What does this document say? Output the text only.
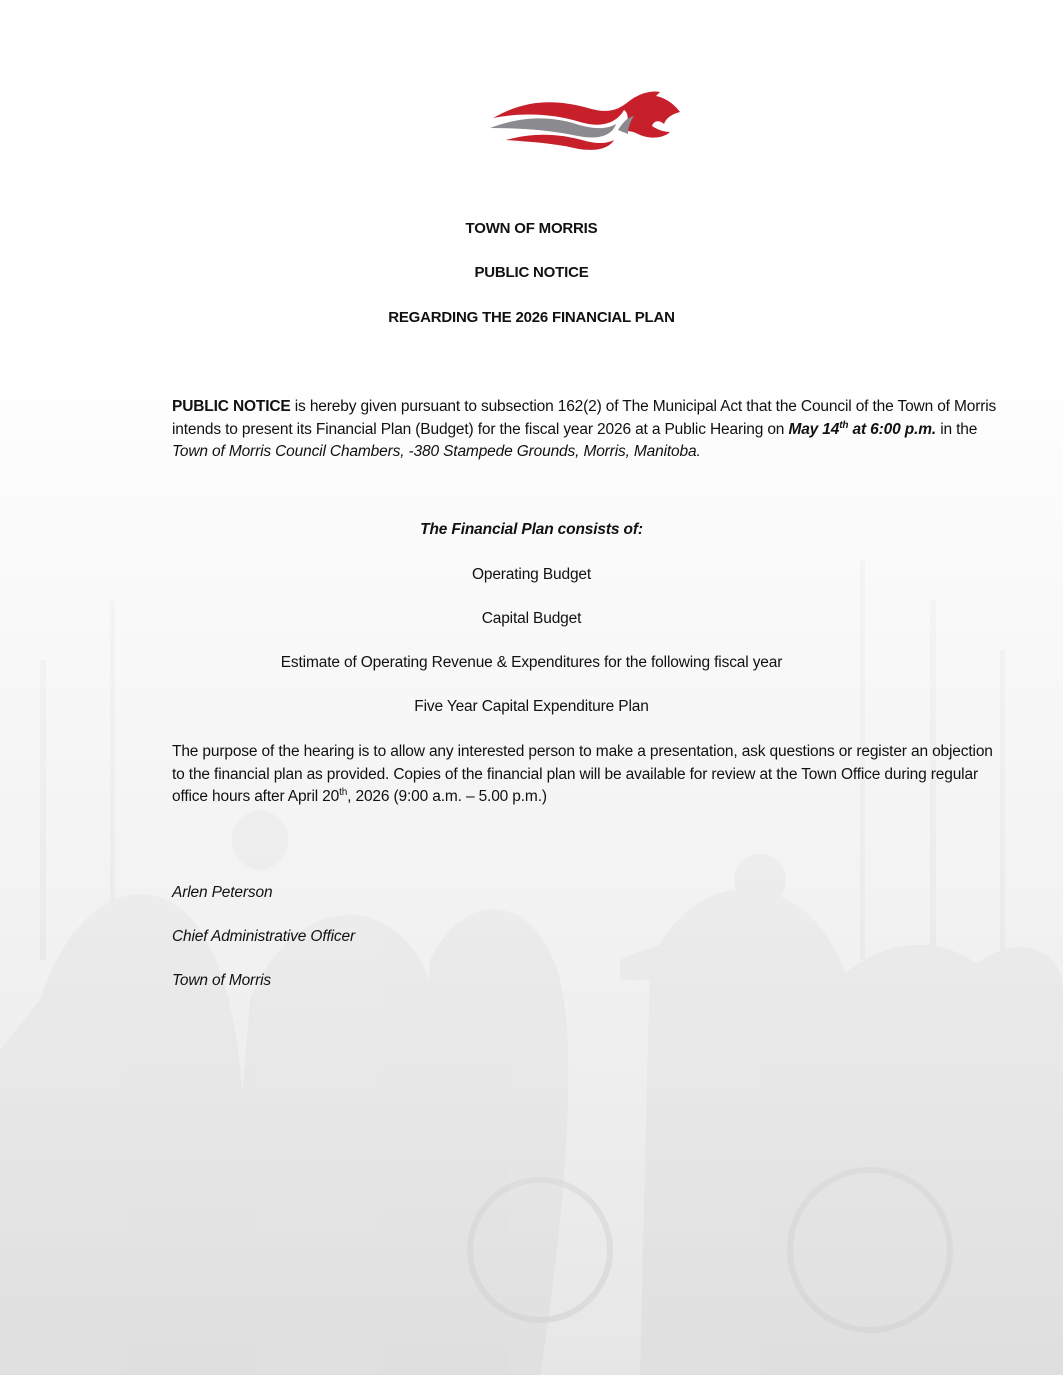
TOWN OF MORRIS

PUBLIC NOTICE

REGARDING THE 2026 FINANCIAL PLAN

PUBLIC NOTICE is hereby given pursuant to subsection 162(2) of The Municipal Act that the Council of the Town of Morris intends to present its Financial Plan (Budget) for the fiscal year 2026 at a Public Hearing on May 14th at 6:00 p.m. in the Town of Morris Council Chambers, -380 Stampede Grounds, Morris, Manitoba.

The Financial Plan consists of:

Operating Budget

Capital Budget

Estimate of Operating Revenue & Expenditures for the following fiscal year

Five Year Capital Expenditure Plan

The purpose of the hearing is to allow any interested person to make a presentation, ask questions or register an objection to the financial plan as provided. Copies of the financial plan will be available for review at the Town Office during regular office hours after April 20th, 2026 (9:00 a.m. – 5.00 p.m.)

Arlen Peterson

Chief Administrative Officer

Town of Morris
